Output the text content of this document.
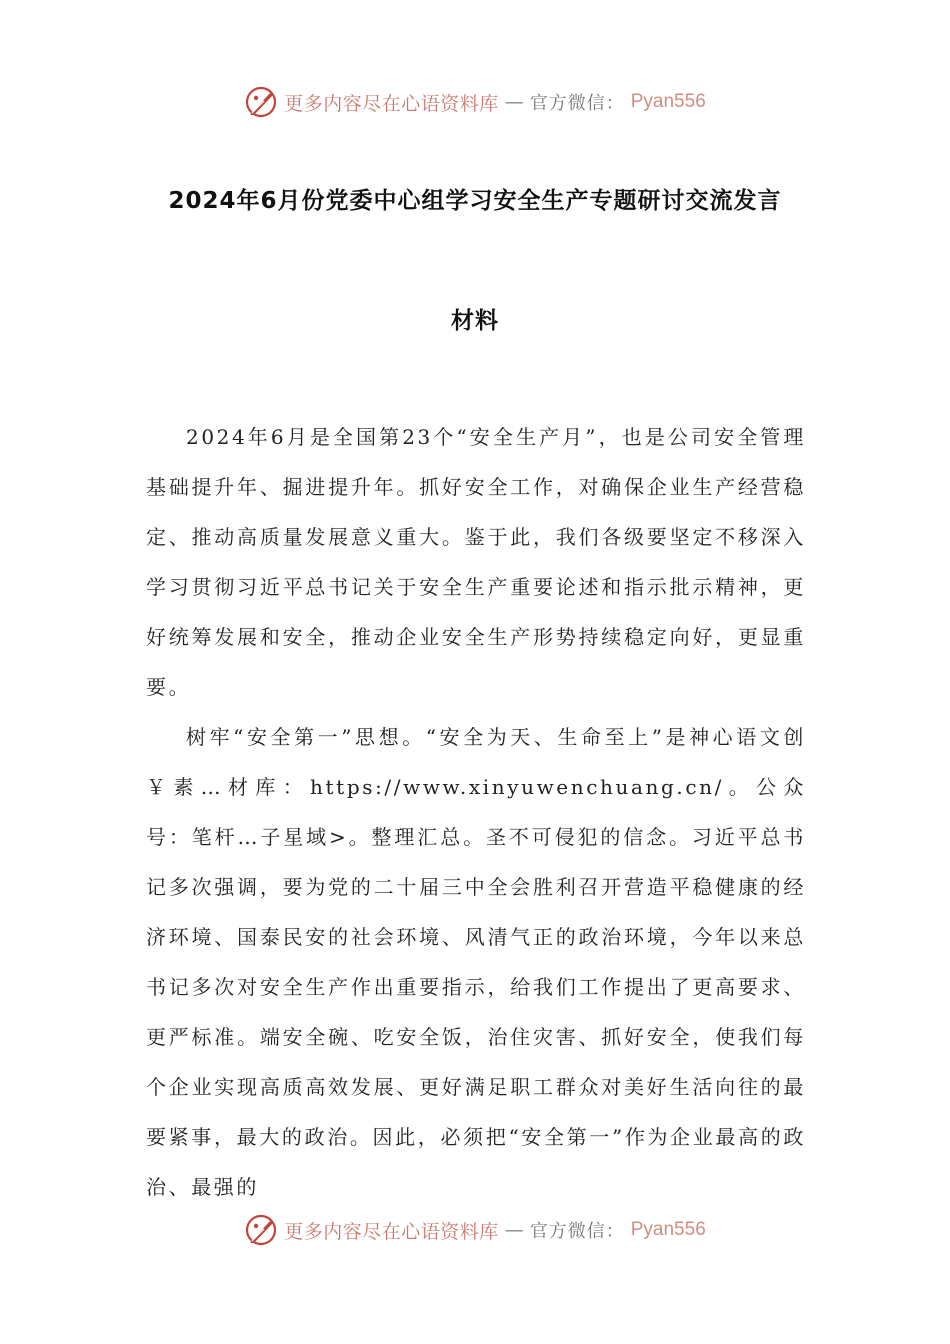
更多内容尽在心语资料库 — 官方微信： Pyan556
2024年6月份党委中心组学习安全生产专题研讨交流发言
材料

2024年6月是全国第23个“安全生产月”，也是公司安全管理基础提升年、掘进提升年。抓好安全工作，对确保企业生产经营稳定、推动高质量发展意义重大。鉴于此，我们各级要坚定不移深入学习贯彻习近平总书记关于安全生产重要论述和指示批示精神，更好统筹发展和安全，推动企业安全生产形势持续稳定向好，更显重要。

树牢“安全第一”思想。“安全为天、生命至上”是神心语文创￥素…材库：https://www.xinyuwenchuang.cn/。公众号：笔杆…子星域>。整理汇总。圣不可侵犯的信念。习近平总书记多次强调，要为党的二十届三中全会胜利召开营造平稳健康的经济环境、国泰民安的社会环境、风清气正的政治环境，今年以来总书记多次对安全生产作出重要指示，给我们工作提出了更高要求、更严标准。端安全碗、吃安全饭，治住灾害、抓好安全，使我们每个企业实现高质高效发展、更好满足职工群众对美好生活向往的最要紧事，最大的政治。因此，必须把“安全第一”作为企业最高的政治、最强的

更多内容尽在心语资料库 — 官方微信： Pyan556
